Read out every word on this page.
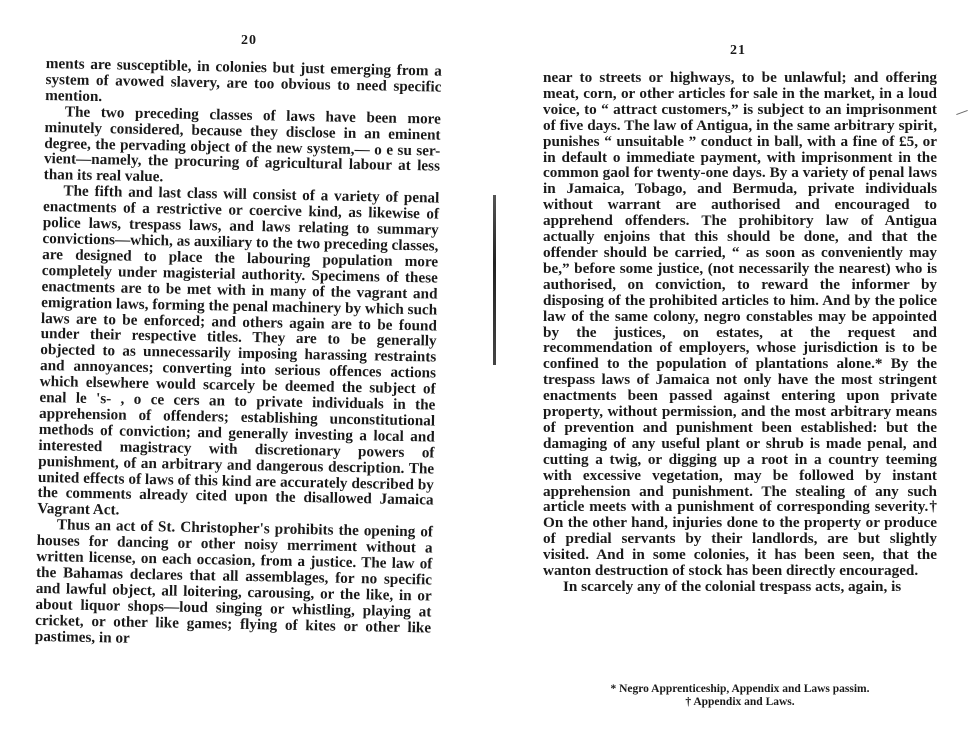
20

ments are susceptible, in colonies but just emerging from a system of avowed slavery, are too obvious to need specific mention.

The two preceding classes of laws have been more minutely considered, because they disclose in an eminent degree, the pervading object of the new system,— o e su ser- vient—namely, the procuring of agricultural labour at less than its real value.

The fifth and last class will consist of a variety of penal enactments of a restrictive or coercive kind, as likewise of police laws, trespass laws, and laws relating to summary convictions—which, as auxiliary to the two preceding classes, are designed to place the labouring population more completely under magisterial authority. Specimens of these enactments are to be met with in many of the vagrant and emigration laws, forming the penal machinery by which such laws are to be enforced; and others again are to be found under their respective titles. They are to be generally objected to as unnecessarily imposing harassing restraints and annoyances; converting into serious offences actions which elsewhere would scarcely be deemed the subject of enal le 's- , o ce cers an to private individuals in the apprehension of offenders; establishing unconstitutional methods of conviction; and generally investing a local and interested magistracy with discretionary powers of punishment, of an arbitrary and dangerous description. The united effects of laws of this kind are accurately described by the comments already cited upon the disallowed Jamaica Vagrant Act.

Thus an act of St. Christopher's prohibits the opening of houses for dancing or other noisy merriment without a written license, on each occasion, from a justice. The law of the Bahamas declares that all assemblages, for no specific and lawful object, all loitering, carousing, or the like, in or about liquor shops—loud singing or whistling, playing at cricket, or other like games; flying of kites or other like pastimes, in or

21

near to streets or highways, to be unlawful; and offering meat, corn, or other articles for sale in the market, in a loud voice, to “ attract customers,” is subject to an imprisonment of five days. The law of Antigua, in the same arbitrary spirit, punishes “ unsuitable ” conduct in ball, with a fine of £5, or in default o immediate payment, with imprisonment in the common gaol for twenty-one days. By a variety of penal laws in Jamaica, Tobago, and Bermuda, private individuals without warrant are authorised and encouraged to apprehend offenders. The prohibitory law of Antigua actually enjoins that this should be done, and that the offender should be carried, “ as soon as conveniently may be,” before some justice, (not necessarily the nearest) who is authorised, on conviction, to reward the informer by disposing of the prohibited articles to him. And by the police law of the same colony, negro constables may be appointed by the justices, on estates, at the request and recommendation of employers, whose jurisdiction is to be confined to the population of plantations alone.* By the trespass laws of Jamaica not only have the most stringent enactments been passed against entering upon private property, without permission, and the most arbitrary means of prevention and punishment been established: but the damaging of any useful plant or shrub is made penal, and cutting a twig, or digging up a root in a country teeming with excessive vegetation, may be followed by instant apprehension and punishment. The stealing of any such article meets with a punishment of corresponding severity.† On the other hand, injuries done to the property or produce of predial servants by their landlords, are but slightly visited. And in some colonies, it has been seen, that the wanton destruction of stock has been directly encouraged.

In scarcely any of the colonial trespass acts, again, is

* Negro Apprenticeship, Appendix and Laws passim.

† Appendix and Laws.
